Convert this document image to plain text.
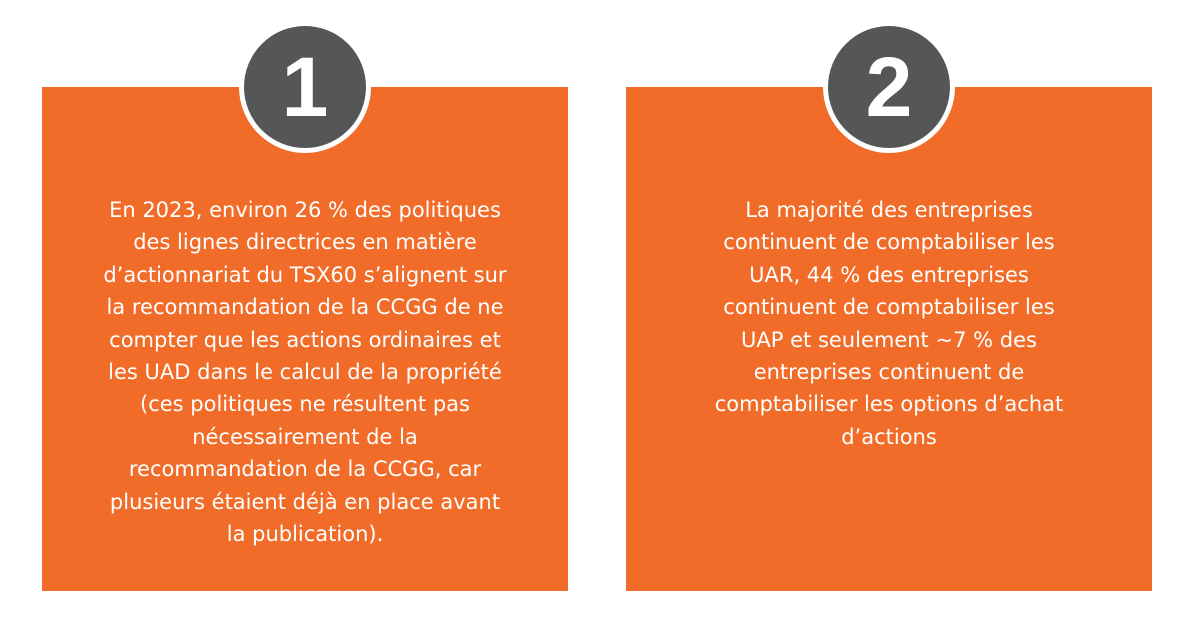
En 2023, environ 26 % des politiques
des lignes directrices en matière
d’actionnariat du TSX60 s’alignent sur
la recommandation de la CCGG de ne
compter que les actions ordinaires et
les UAD dans le calcul de la propriété
(ces politiques ne résultent pas
nécessairement de la
recommandation de la CCGG, car
plusieurs étaient déjà en place avant
la publication).
1
La majorité des entreprises
continuent de comptabiliser les
UAR, 44 % des entreprises
continuent de comptabiliser les
UAP et seulement ~7 % des
entreprises continuent de
comptabiliser les options d’achat
d’actions
2
